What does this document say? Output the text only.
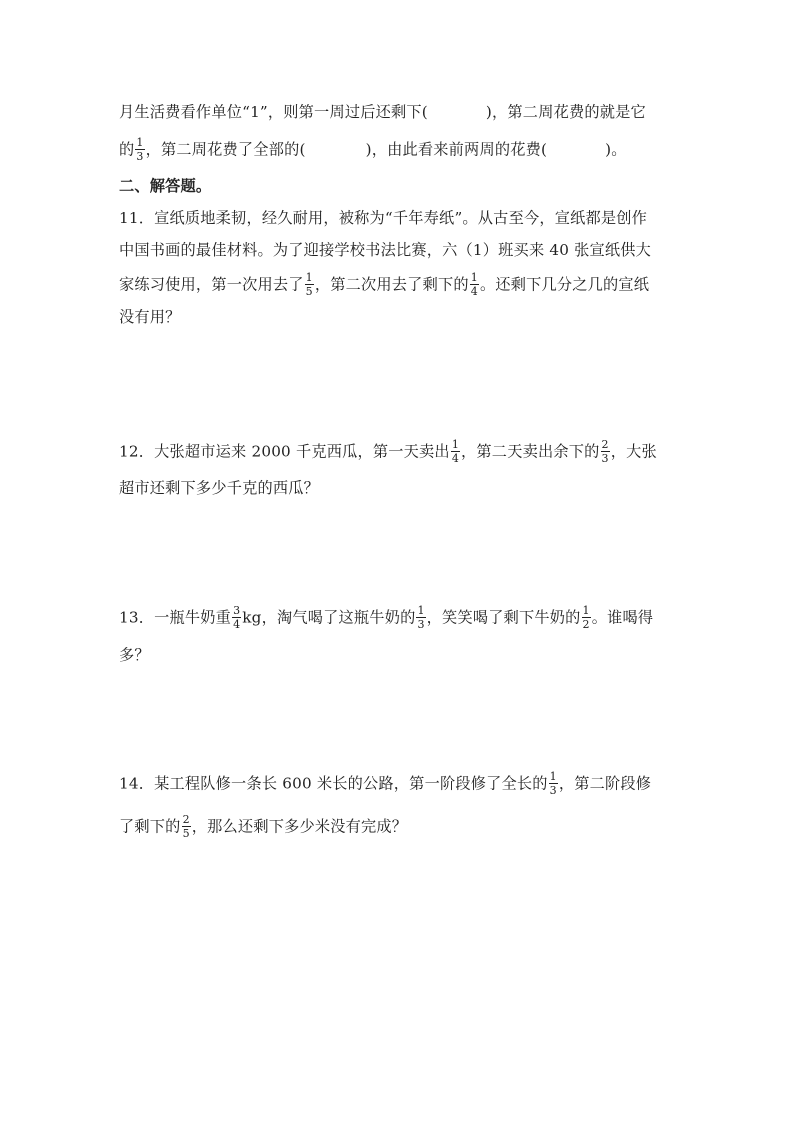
月生活费看作单位“1”，则第一周过后还剩下(	)，第二周花费的就是它
的 $\frac{1}{3}$ ，第二周花费了全部的(	)，由此看来前两周的花费(	)。
二、解答题。
11．宣纸质地柔韧，经久耐用，被称为“千年寿纸”。从古至今，宣纸都是创作
中国书画的最佳材料。为了迎接学校书法比赛，六（1）班买来 40 张宣纸供大
家练习使用，第一次用去了 $\frac{1}{5}$ ，第二次用去了剩下的 $\frac{1}{4}$ 。还剩下几分之几的宣纸
没有用？
12．大张超市运来 2000 千克西瓜，第一天卖出 $\frac{1}{4}$ ，第二天卖出余下的 $\frac{2}{3}$ ，大张
超市还剩下多少千克的西瓜？
13．一瓶牛奶重 $\frac{3}{4}$ kg，淘气喝了这瓶牛奶的 $\frac{1}{3}$ ，笑笑喝了剩下牛奶的 $\frac{1}{2}$ 。谁喝得
多？
14．某工程队修一条长 600 米长的公路，第一阶段修了全长的 $\frac{1}{3}$ ，第二阶段修
了剩下的 $\frac{2}{5}$ ，那么还剩下多少米没有完成？
